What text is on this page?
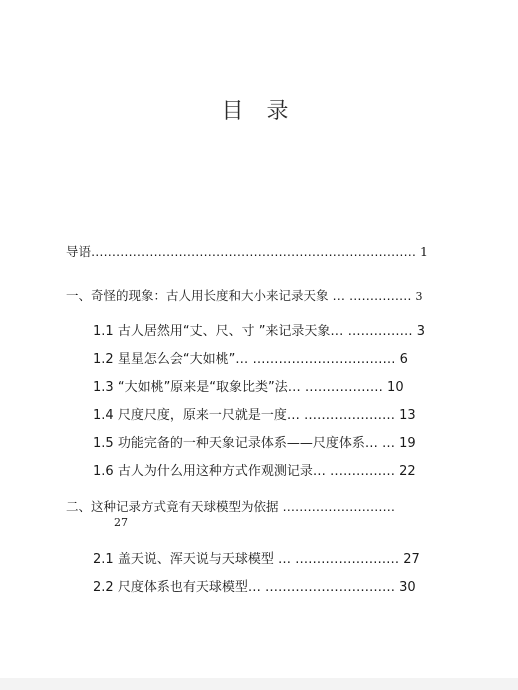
目 录
导语…………………………………………………………………… 1
一、奇怪的现象：古人用长度和大小来记录天象 … …………… 3
1.1 古人居然用“丈、尺、寸 ”来记录天象… …………… 3
1.2 星星怎么会“大如桃”… …………………………… 6
1.3 “大如桃”原来是“取象比类”法… ……………… 10
1.4 尺度尺度，原来一尺就是一度… ………………… 13
1.5 功能完备的一种天象记录体系——尺度体系… … 19
1.6 古人为什么用这种方式作观测记录… …………… 22
二、这种记录方式竟有天球模型为依据 ………………………
27
2.1 盖天说、浑天说与天球模型 … …………………… 27
2.2 尺度体系也有天球模型… ………………………… 30
